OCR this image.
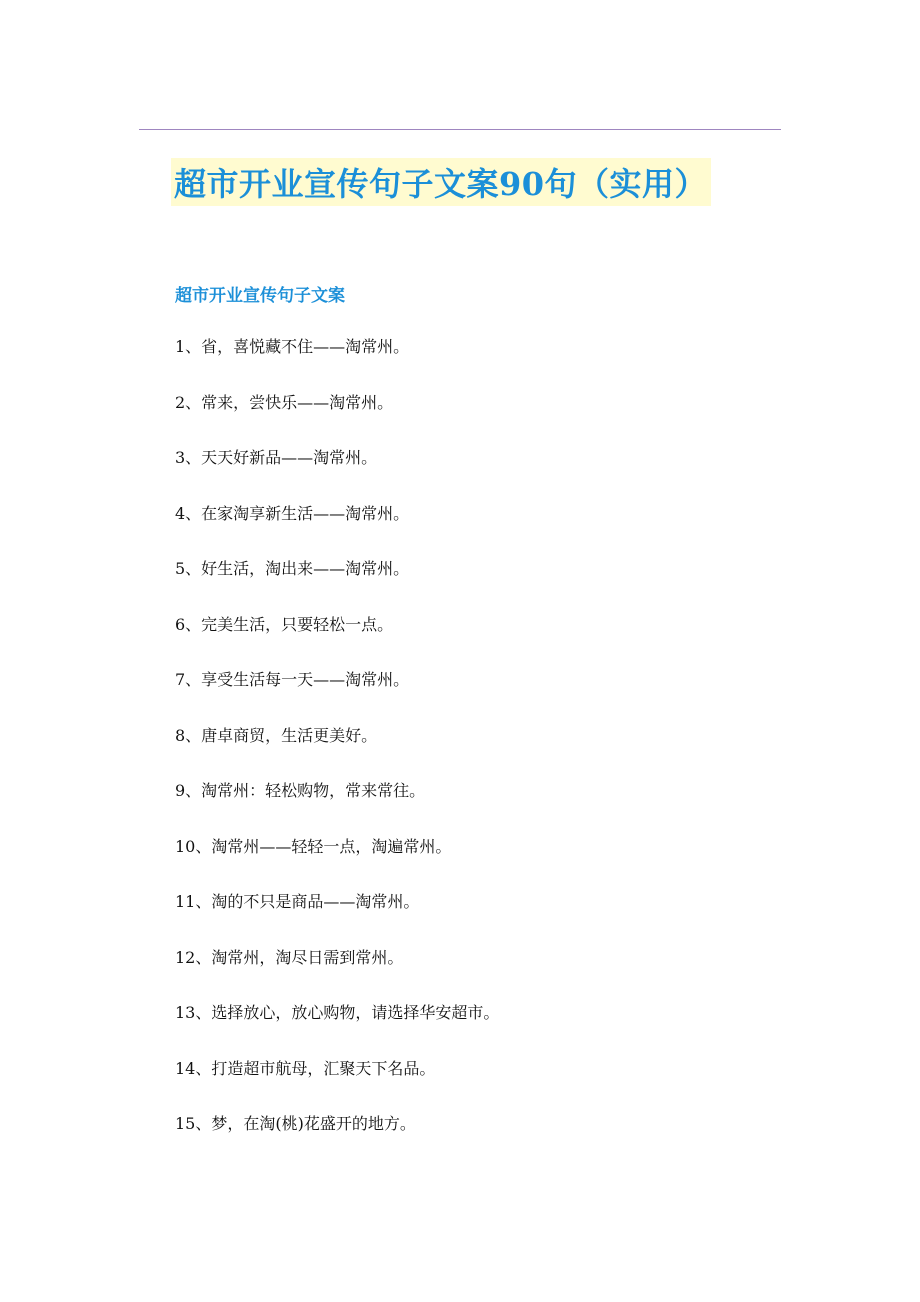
超市开业宣传句子文案90句（实用）
超市开业宣传句子文案
1、省，喜悦藏不住——淘常州。
2、常来，尝快乐——淘常州。
3、天天好新品——淘常州。
4、在家淘享新生活——淘常州。
5、好生活，淘出来——淘常州。
6、完美生活，只要轻松一点。
7、享受生活每一天——淘常州。
8、唐卓商贸，生活更美好。
9、淘常州：轻松购物，常来常往。
10、淘常州——轻轻一点，淘遍常州。
11、淘的不只是商品——淘常州。
12、淘常州，淘尽日需到常州。
13、选择放心，放心购物，请选择华安超市。
14、打造超市航母，汇聚天下名品。
15、梦，在淘(桃)花盛开的地方。
